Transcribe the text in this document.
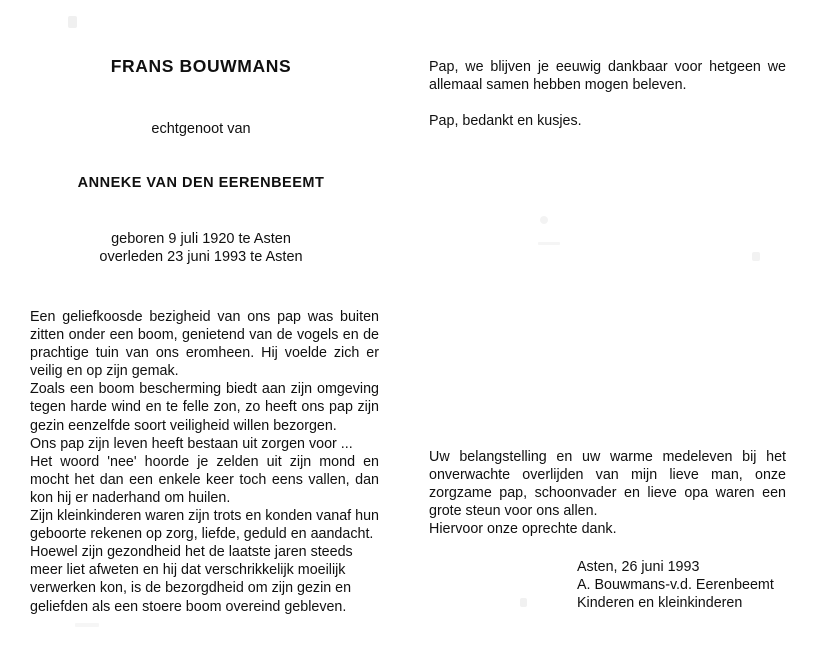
FRANS BOUWMANS

echtgenoot van

ANNEKE VAN DEN EERENBEEMT

geboren 9 juli 1920 te Asten
overleden 23 juni 1993 te Asten

Een geliefkoosde bezigheid van ons pap was buiten zitten onder een boom, genietend van de vogels en de prachtige tuin van ons eromheen. Hij voelde zich er veilig en op zijn gemak.

Zoals een boom bescherming biedt aan zijn omgeving tegen harde wind en te felle zon, zo heeft ons pap zijn gezin eenzelfde soort veiligheid willen bezorgen.

Ons pap zijn leven heeft bestaan uit zorgen voor ...

Het woord 'nee' hoorde je zelden uit zijn mond en mocht het dan een enkele keer toch eens vallen, dan kon hij er naderhand om huilen.

Zijn kleinkinderen waren zijn trots en konden vanaf hun geboorte rekenen op zorg, liefde, geduld en aandacht.

Hoewel zijn gezondheid het de laatste jaren steeds meer liet afweten en hij dat verschrikkelijk moeilijk verwerken kon, is de bezorgdheid om zijn gezin en geliefden als een stoere boom overeind gebleven.

Pap, we blijven je eeuwig dankbaar voor hetgeen we allemaal samen hebben mogen beleven.

Pap, bedankt en kusjes.

Uw belangstelling en uw warme medeleven bij het onverwachte overlijden van mijn lieve man, onze zorgzame pap, schoonvader en lieve opa waren een grote steun voor ons allen.

Hiervoor onze oprechte dank.

Asten, 26 juni 1993
A. Bouwmans-v.d. Eerenbeemt
Kinderen en kleinkinderen
